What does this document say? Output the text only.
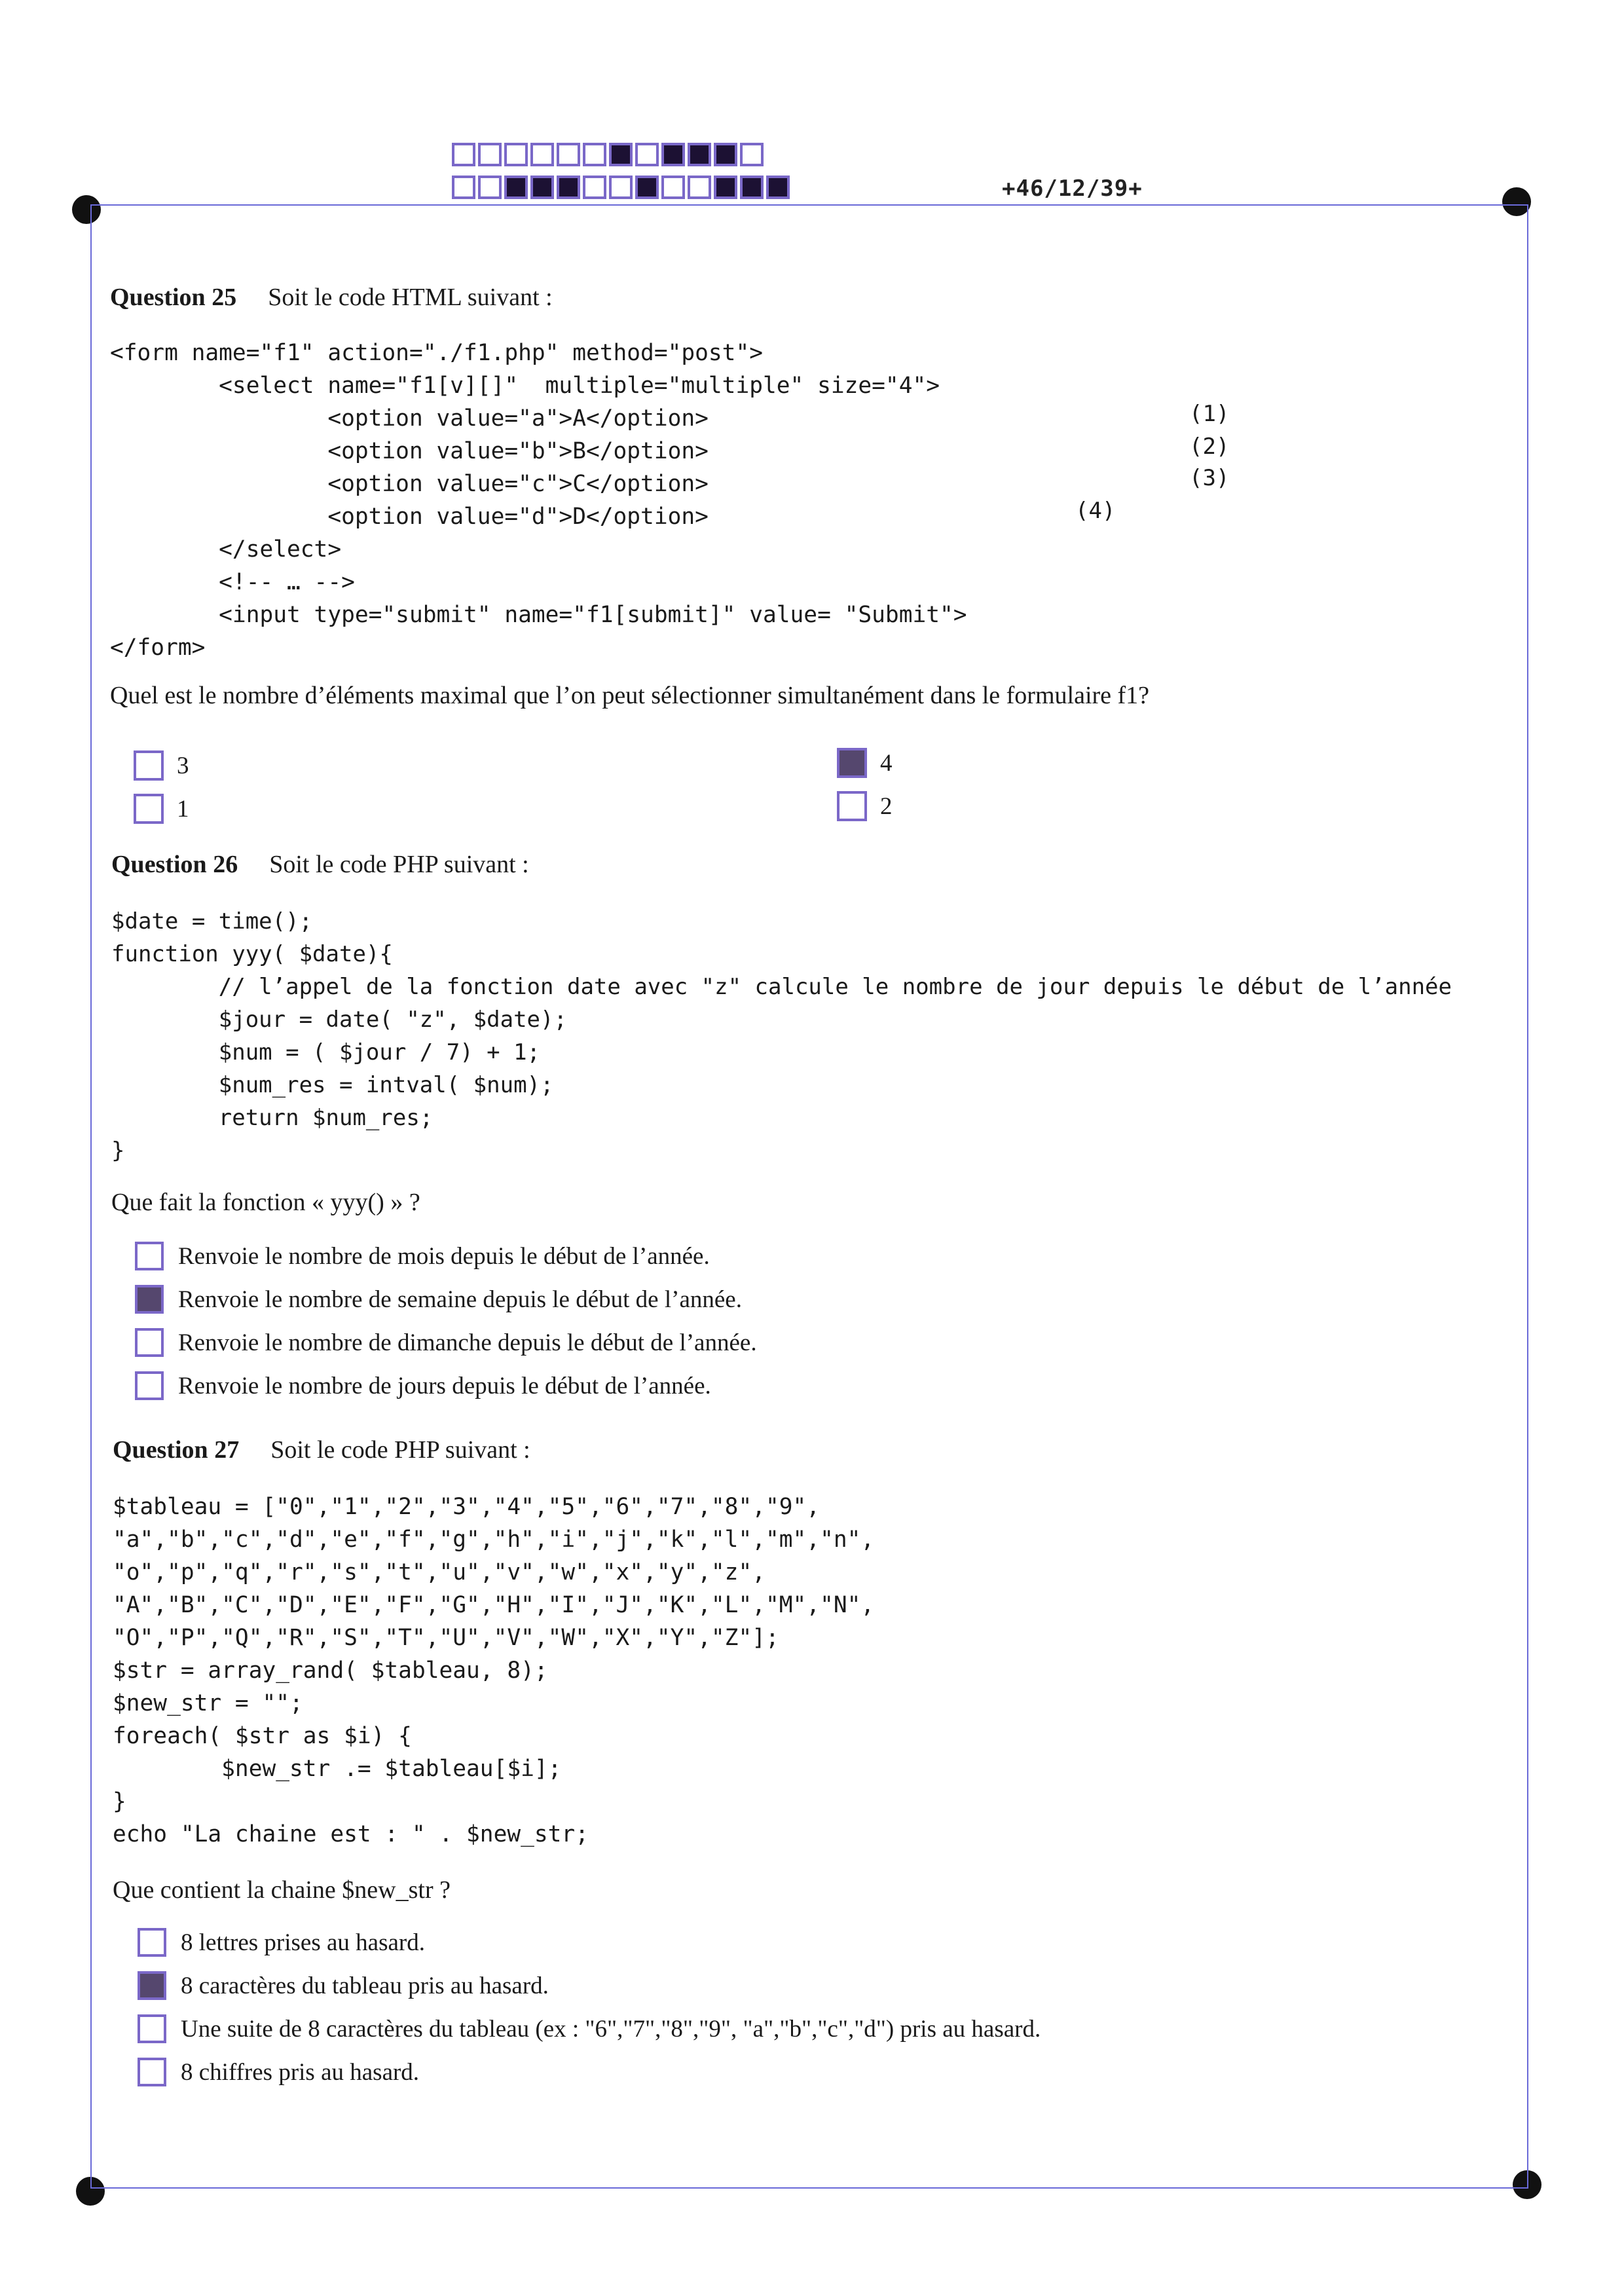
+46/12/39+
Question 25 Soit le code HTML suivant :
<form name="f1" action="./f1.php" method="post">
<select name="f1[v][]"  multiple="multiple" size="4">
<option value="a">A</option>
<option value="b">B</option>
<option value="c">C</option>
<option value="d">D</option>
</select>
<!-- … -->
<input type="submit" name="f1[submit]" value= "Submit">
</form>
(1)
(2)
(3)
(4)
Quel est le nombre d’éléments maximal que l’on peut sélectionner simultanément dans le formulaire f1?
3
1
4
2
Question 26 Soit le code PHP suivant :
$date = time();
function yyy( $date){
// l’appel de la fonction date avec "z" calcule le nombre de jour depuis le début de l’année
$jour = date( "z", $date);
$num = ( $jour / 7) + 1;
$num_res = intval( $num);
return $num_res;
}
Que fait la fonction « yyy() » ?
Renvoie le nombre de mois depuis le début de l’année.
Renvoie le nombre de semaine depuis le début de l’année.
Renvoie le nombre de dimanche depuis le début de l’année.
Renvoie le nombre de jours depuis le début de l’année.
Question 27 Soit le code PHP suivant :
$tableau = ["0","1","2","3","4","5","6","7","8","9",
"a","b","c","d","e","f","g","h","i","j","k","l","m","n",
"o","p","q","r","s","t","u","v","w","x","y","z",
"A","B","C","D","E","F","G","H","I","J","K","L","M","N",
"O","P","Q","R","S","T","U","V","W","X","Y","Z"];
$str = array_rand( $tableau, 8);
$new_str = "";
foreach( $str as $i) {
$new_str .= $tableau[$i];
}
echo "La chaine est : " . $new_str;
Que contient la chaine $new_str ?
8 lettres prises au hasard.
8 caractères du tableau pris au hasard.
Une suite de 8 caractères du tableau (ex : "6","7","8","9", "a","b","c","d") pris au hasard.
8 chiffres pris au hasard.
